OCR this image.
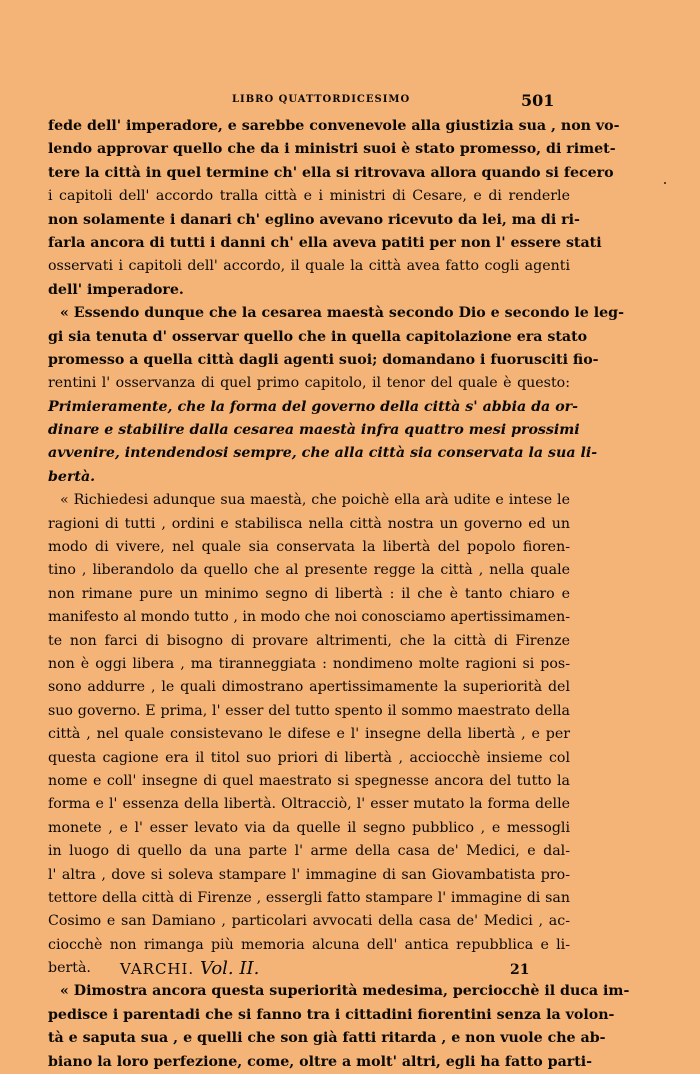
LIBRO QUATTORDICESIMO	501
fede dell' imperadore, e sarebbe convenevole alla giustizia sua , non vo-
lendo approvar quello che da i ministri suoi è stato promesso, di rimet-
tere la città in quel termine ch' ella si ritrovava allora quando si fecero
i capitoli dell' accordo tralla città e i ministri di Cesare, e di renderle
non solamente i danari ch' eglino avevano ricevuto da lei, ma di ri-
farla ancora di tutti i danni ch' ella aveva patiti per non l' essere stati
osservati i capitoli dell' accordo, il quale la città avea fatto cogli agenti
dell' imperadore.
« Essendo dunque che la cesarea maestà secondo Dio e secondo le leg-
gi sia tenuta d' osservar quello che in quella capitolazione era stato
promesso a quella città dagli agenti suoi; domandano i fuorusciti fio-
rentini l' osservanza di quel primo capitolo, il tenor del quale è questo:
Primieramente, che la forma del governo della città s' abbia da or-
dinare e stabilire dalla cesarea maestà infra quattro mesi prossimi
avvenire, intendendosi sempre, che alla città sia conservata la sua li-
bertà.
« Richiedesi adunque sua maestà, che poichè ella arà udite e intese le
ragioni di tutti , ordini e stabilisca nella città nostra un governo ed un
modo di vivere, nel quale sia conservata la libertà del popolo fioren-
tino , liberandolo da quello che al presente regge la città , nella quale
non rimane pure un minimo segno di libertà : il che è tanto chiaro e
manifesto al mondo tutto , in modo che noi conosciamo apertissimamen-
te non farci di bisogno di provare altrimenti, che la città di Firenze
non è oggi libera , ma tiranneggiata : nondimeno molte ragioni si pos-
sono addurre , le quali dimostrano apertissimamente la superiorità del
suo governo. E prima, l' esser del tutto spento il sommo maestrato della
città , nel quale consistevano le difese e l' insegne della libertà , e per
questa cagione era il titol suo priori di libertà , acciocchè insieme col
nome e coll' insegne di quel maestrato si spegnesse ancora del tutto la
forma e l' essenza della libertà. Oltracciò, l' esser mutato la forma delle
monete , e l' esser levato via da quelle il segno pubblico , e messogli
in luogo di quello da una parte l' arme della casa de' Medici, e dal-
l' altra , dove si soleva stampare l' immagine di san Giovambatista pro-
tettore della città di Firenze , essergli fatto stampare l' immagine di san
Cosimo e san Damiano , particolari avvocati della casa de' Medici , ac-
ciocchè non rimanga più memoria alcuna dell' antica repubblica e li-
bertà.
« Dimostra ancora questa superiorità medesima, perciocchè il duca im-
pedisce i parentadi che si fanno tra i cittadini fiorentini senza la volon-
tà e saputa sua , e quelli che son già fatti ritarda , e non vuole che ab-
biano la loro perfezione, come, oltre a molt' altri, egli ha fatto parti-
VARCHI. Vol. II.	21
